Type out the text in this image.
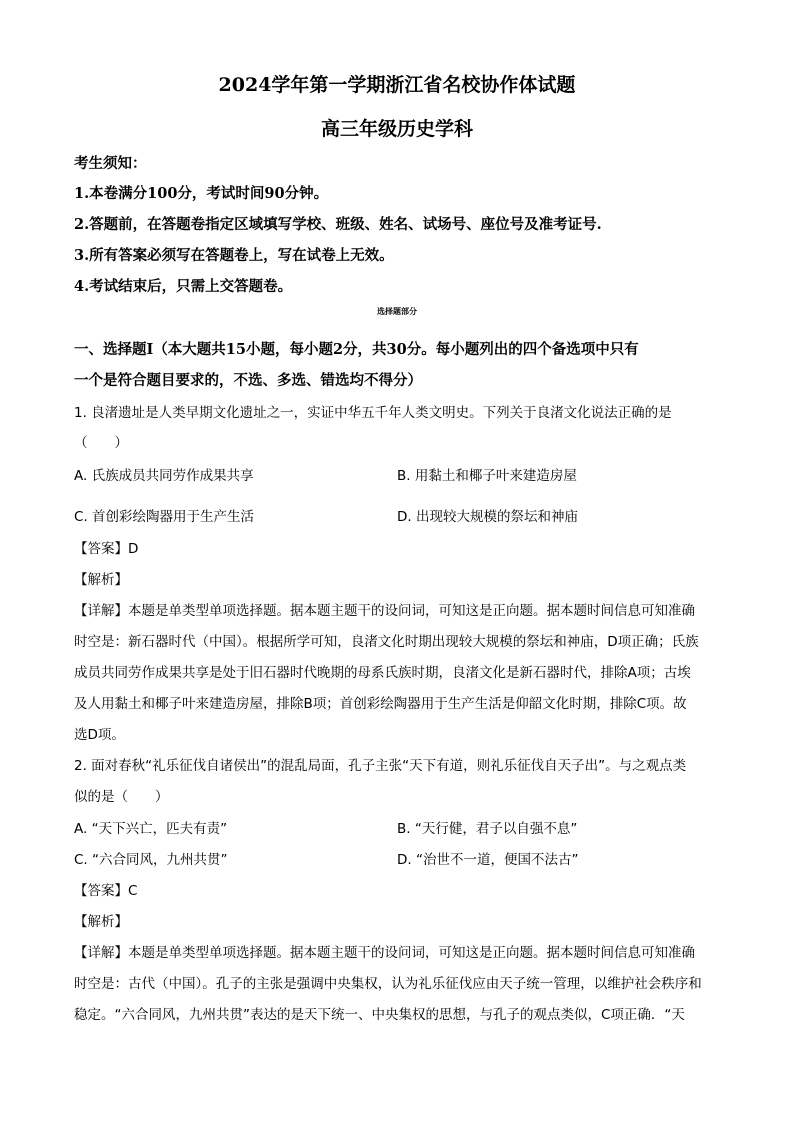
2024学年第一学期浙江省名校协作体试题
高三年级历史学科
考生须知：
1.本卷满分100分，考试时间90分钟。
2.答题前，在答题卷指定区域填写学校、班级、姓名、试场号、座位号及准考证号.
3.所有答案必须写在答题卷上，写在试卷上无效。
4.考试结束后，只需上交答题卷。
选择题部分
一、选择题Ⅰ（本大题共15小题，每小题2分，共30分。每小题列出的四个备选项中只有
一个是符合题目要求的，不选、多选、错选均不得分）
1. 良渚遗址是人类早期文化遗址之一，实证中华五千年人类文明史。下列关于良渚文化说法正确的是
（　　）
A. 氏族成员共同劳作成果共享	B. 用黏土和椰子叶来建造房屋
C. 首创彩绘陶器用于生产生活	D. 出现较大规模的祭坛和神庙
【答案】D
【解析】
【详解】本题是单类型单项选择题。据本题主题干的设问词，可知这是正向题。据本题时间信息可知准确
时空是：新石器时代（中国）。根据所学可知，良渚文化时期出现较大规模的祭坛和神庙，D项正确；氏族
成员共同劳作成果共享是处于旧石器时代晚期的母系氏族时期，良渚文化是新石器时代，排除A项；古埃
及人用黏土和椰子叶来建造房屋，排除B项；首创彩绘陶器用于生产生活是仰韶文化时期，排除C项。故
选D项。
2. 面对春秋“礼乐征伐自诸侯出”的混乱局面，孔子主张“天下有道，则礼乐征伐自天子出”。与之观点类
似的是（　　）
A. “天下兴亡，匹夫有责”	B. “天行健，君子以自强不息”
C. “六合同风，九州共贯”	D. “治世不一道，便国不法古”
【答案】C
【解析】
【详解】本题是单类型单项选择题。据本题主题干的设问词，可知这是正向题。据本题时间信息可知准确
时空是：古代（中国）。孔子的主张是强调中央集权，认为礼乐征伐应由天子统一管理，以维护社会秩序和
稳定。“六合同风，九州共贯”表达的是天下统一、中央集权的思想，与孔子的观点类似，C项正确．“天
